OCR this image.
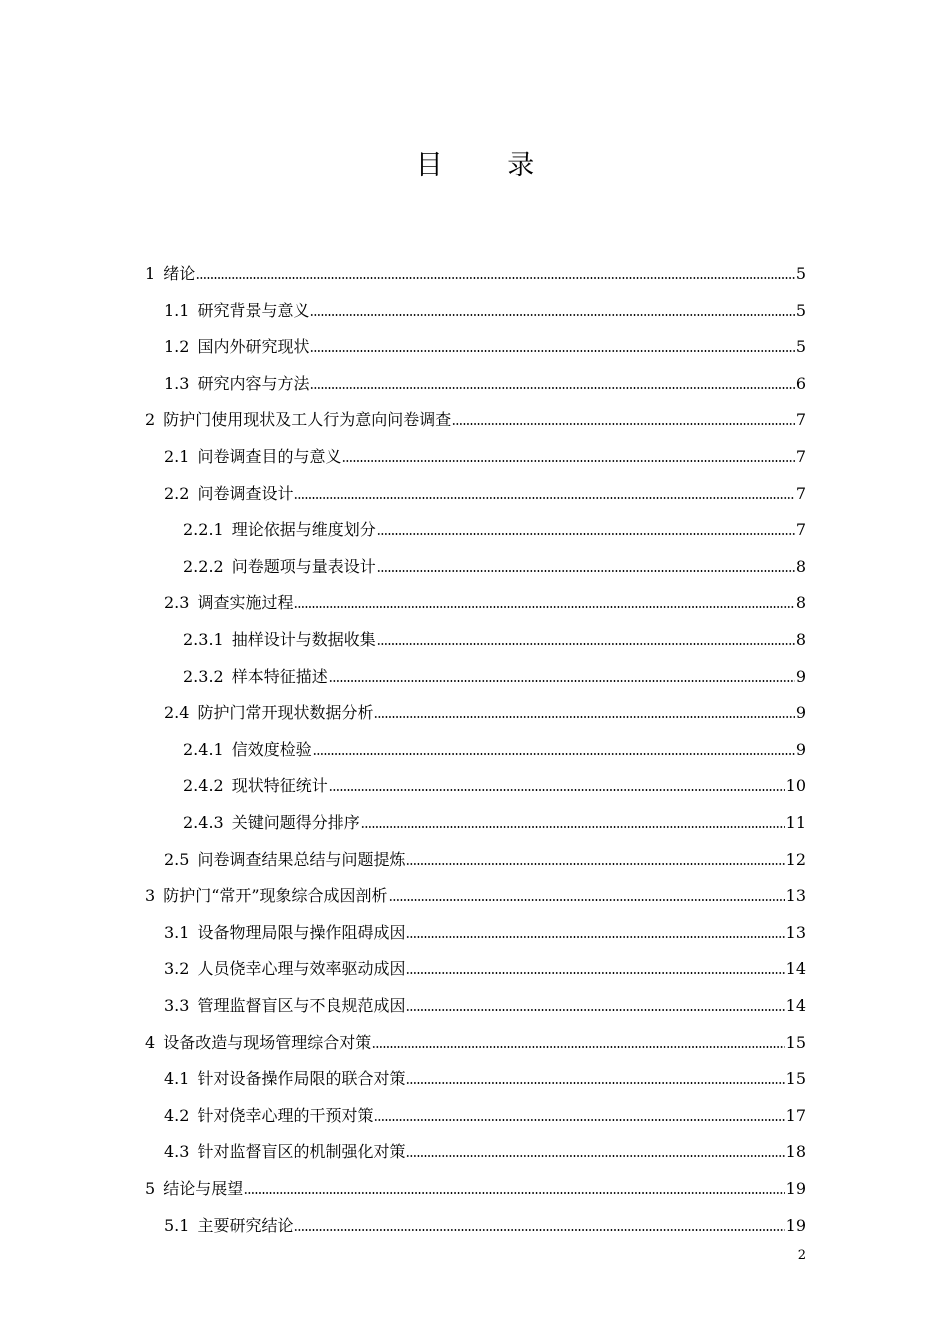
目 录
1 绪论	5
1.1 研究背景与意义	5
1.2 国内外研究现状	5
1.3 研究内容与方法	6
2 防护门使用现状及工人行为意向问卷调查	7
2.1 问卷调查目的与意义	7
2.2 问卷调查设计	7
2.2.1 理论依据与维度划分	7
2.2.2 问卷题项与量表设计	8
2.3 调查实施过程	8
2.3.1 抽样设计与数据收集	8
2.3.2 样本特征描述	9
2.4 防护门常开现状数据分析	9
2.4.1 信效度检验	9
2.4.2 现状特征统计	10
2.4.3 关键问题得分排序	11
2.5 问卷调查结果总结与问题提炼	12
3 防护门“常开”现象综合成因剖析	13
3.1 设备物理局限与操作阻碍成因	13
3.2 人员侥幸心理与效率驱动成因	14
3.3 管理监督盲区与不良规范成因	14
4 设备改造与现场管理综合对策	15
4.1 针对设备操作局限的联合对策	15
4.2 针对侥幸心理的干预对策	17
4.3 针对监督盲区的机制强化对策	18
5 结论与展望	19
5.1 主要研究结论	19
2
